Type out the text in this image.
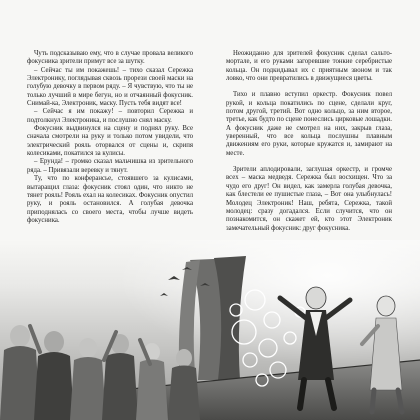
Чуть подсказываю ему, что в случае провала великого фокусника зрители примут все за шутку.

– Сейчас ты им покажешь! – тихо сказал Сережка Электронику, поглядывая сквозь прорези своей маски на голубую девочку в первом ряду. – Я чувствую, что ты не только лучший в мире бегун, но и отчаянный фокусник. Снимай-ка, Электроник, маску. Пусть тебя видят все!

– Сейчас я им покажу! – повторил Сережка и подтолкнул Электроника, и послушно снял маску.

Фокусник выдвинулся на сцену и поднял руку. Все сначала смотрели на руку и только потом увидели, что электрический рояль оторвался от сцены и, скрипя колесиками, покатился за кулисы.

– Ерунда! – громко сказал мальчишка из зрительного ряда. – Привязали веревку и тянут.

Ту, что по конферансье, стоявшего за кулисами, вытаращил глаза: фокусник стоял один, что никто не тянет рояль! Рояль ехал на колесиках. Фокусник опустил руку, и рояль остановился. А голубая девочка приподнялась со своего места, чтобы лучше видеть фокусника.

Неожиданно для зрителей фокусник сделал сальто-мортале, и его руками загоревшие тонкие серебристые кольца. Он подкидывал их с приятным звоном и так ловко, что они превратились в движущиеся цветы.

Тихо и плавно вступил оркестр. Фокусник повел рукой, и кольца покатились по сцене, сделали круг, потом другой, третий. Вот одно кольцо, за ним второе, третье, как будто по сцене понеслись цирковые лошадки. А фокусник даже не смотрел на них, закрыв глаза, уверенный, что все кольца послушны плавным движениям его руки, которые кружатся и, замирают на месте.

Зрители аплодировали, заглушая оркестр, и громче всех – маска медведя. Сережка был восхищен. Что за чудо его друг! Он видел, как замерла голубая девочка, как блестели ее пушистые глаза, – Вот она улыбнулась! Молодец Электроник! Наш, ребята, Сережка, такой молодец: сразу догадался. Если случится, что он познакомится, он скажет ей, кто этот Электроник замечательный фокусник: друг фокусника.
